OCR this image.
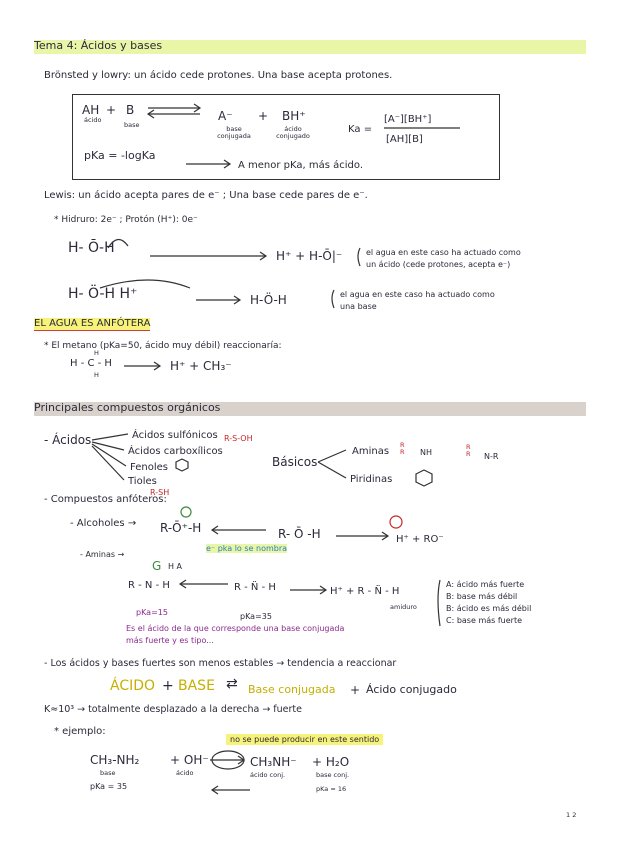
Tema 4: Ácidos y bases
Brönsted y lowry: un ácido cede protones. Una base acepta protones.
AH + B	A⁻ + BH⁺
ácido
base	base conjugada
ácido conjugado
Ka =
[A⁻][BH⁺]
[AH][B]
pKa = -logKa
A menor pKa, más ácido.
Lewis: un ácido acepta pares de e⁻ ; Una base cede pares de e⁻.
* Hidruro: 2e⁻ ; Protón (H⁺): 0e⁻
H- Ō-H	H⁺ + H-Ō|⁻	el agua en este caso ha actuado como
un ácido (cede protones, acepta e⁻)
H- Ö-H H⁺	H-Ö-H	el agua en este caso ha actuado como
una base
EL AGUA ES ANFÓTERA
* El metano (pKa=50, ácido muy débil) reaccionaría:
H
H - C - H
H
H⁺ + CH₃⁻
Principales compuestos orgánicos
- Ácidos	Ácidos sulfónicos
Ácidos carboxílicos
Fenoles
Tioles
R-S-OH
R-SH
Básicos
Aminas
Piridinas
R
R NH
R
R N-R
- Compuestos anfóteros:
- Alcoholes → R-Ō⁺-H	R- Ō -H	H⁺ + RO⁻
e⁻ pka lo se nombra
- Aminas →
G H A
R - N - H	R - N̈ - H	H⁺ + R - N̈ - H
amiduro
pKa=15	pKa=35
Es el ácido de la que corresponde una base conjugada
más fuerte y es tipo...
A: ácido más fuerte
B: base más débil
B: ácido es más débil
C: base más fuerte
- Los ácidos y bases fuertes son menos estables → tendencia a reaccionar
ÁCIDO + BASE ⇄ Base conjugada + Ácido conjugado
K≈10³ → totalmente desplazado a la derecha → fuerte
* ejemplo:
no se puede producir en este sentido
CH₃-NH₂	+ OH⁻	CH₃NH⁻ + H₂O
base	ácido	ácido conj.	base conj.
pKa = 35	pKa = 16
1 2
